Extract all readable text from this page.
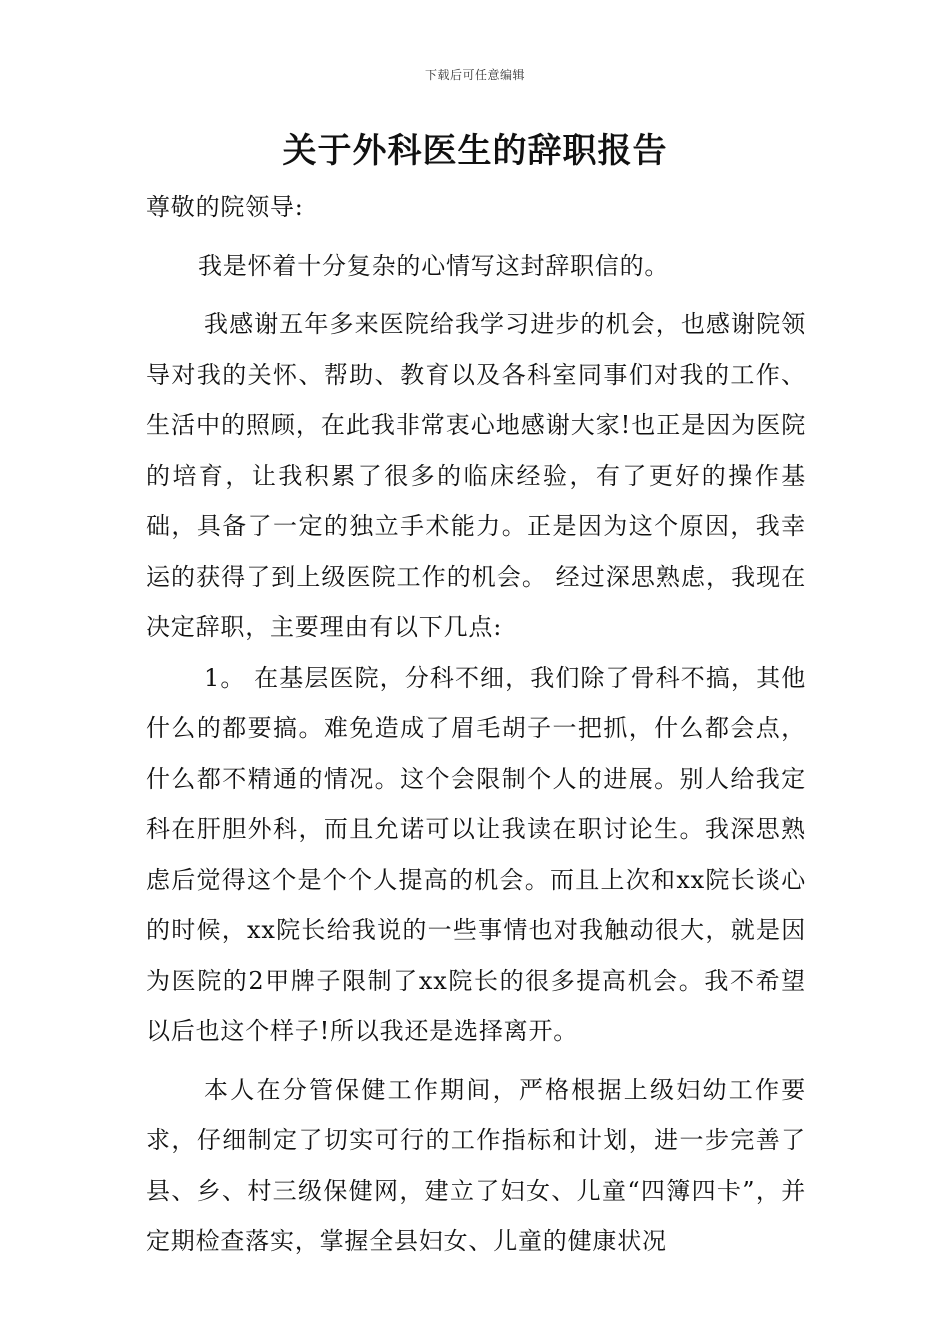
下载后可任意编辑
关于外科医生的辞职报告

尊敬的院领导:

我是怀着十分复杂的心情写这封辞职信的。

我感谢五年多来医院给我学习进步的机会，也感谢院领导对我的关怀、帮助、教育以及各科室同事们对我的工作、生活中的照顾，在此我非常衷心地感谢大家!也正是因为医院的培育，让我积累了很多的临床经验，有了更好的操作基础，具备了一定的独立手术能力。正是因为这个原因，我幸运的获得了到上级医院工作的机会。 经过深思熟虑，我现在决定辞职，主要理由有以下几点:

1。 在基层医院，分科不细，我们除了骨科不搞，其他什么的都要搞。难免造成了眉毛胡子一把抓，什么都会点，什么都不精通的情况。这个会限制个人的进展。别人给我定科在肝胆外科，而且允诺可以让我读在职讨论生。我深思熟虑后觉得这个是个个人提高的机会。而且上次和xx院长谈心的时候，xx院长给我说的一些事情也对我触动很大，就是因为医院的2甲牌子限制了xx院长的很多提高机会。我不希望以后也这个样子!所以我还是选择离开。

本人在分管保健工作期间，严格根据上级妇幼工作要求，仔细制定了切实可行的工作指标和计划，进一步完善了县、乡、村三级保健网，建立了妇女、儿童“四簿四卡”，并定期检查落实，掌握全县妇女、儿童的健康状况
